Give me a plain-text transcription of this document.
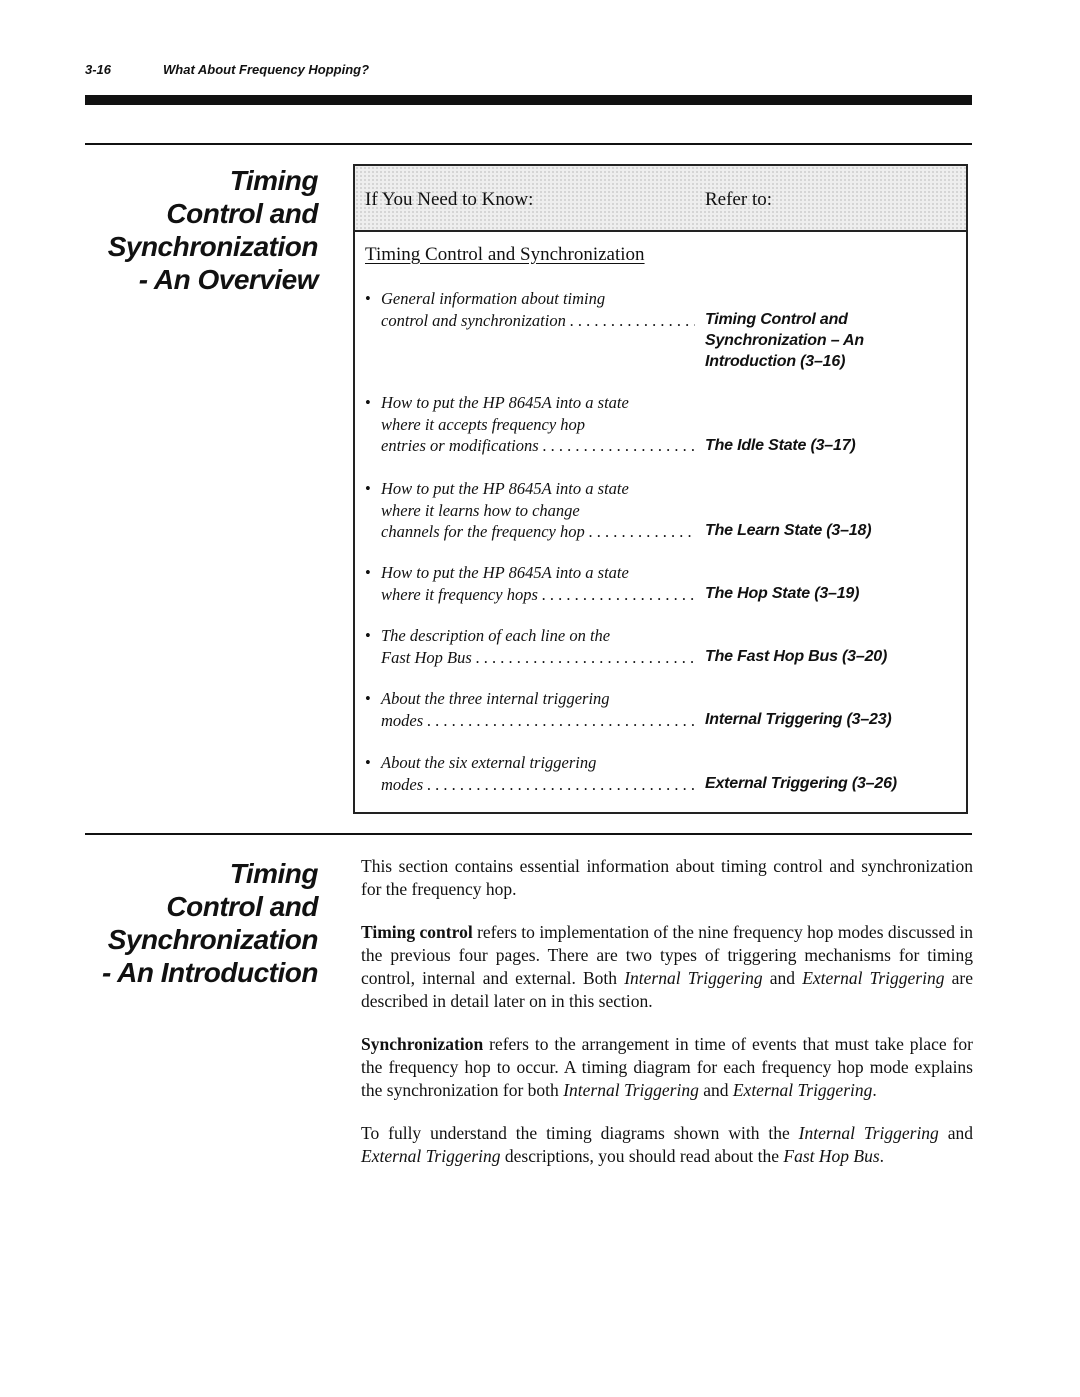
3-16	What About Frequency Hopping?
Timing
Control and
Synchronization
- An Overview
If You Need to Know:	Refer to:
Timing Control and Synchronization
• General information about timing
control and synchronization . . .	Timing Control and
Synchronization – An
Introduction (3–16)
• How to put the HP 8645A into a state
where it accepts frequency hop
entries or modifications . . .	The Idle State (3–17)
• How to put the HP 8645A into a state
where it learns how to change
channels for the frequency hop . . .	The Learn State (3–18)
• How to put the HP 8645A into a state
where it frequency hops . . .	The Hop State (3–19)
• The description of each line on the
Fast Hop Bus . . .	The Fast Hop Bus (3–20)
• About the three internal triggering
modes . . .	Internal Triggering (3–23)
• About the six external triggering
modes . . .	External Triggering (3–26)
Timing
Control and
Synchronization
- An Introduction

This section contains essential information about timing control and synchronization for the frequency hop.

Timing control refers to implementation of the nine frequency hop modes discussed in the previous four pages. There are two types of triggering mechanisms for timing control, internal and external. Both Internal Triggering and External Triggering are described in detail later on in this section.

Synchronization refers to the arrangement in time of events that must take place for the frequency hop to occur. A timing diagram for each frequency hop mode explains the synchronization for both Internal Triggering and External Triggering.

To fully understand the timing diagrams shown with the Internal Triggering and External Triggering descriptions, you should read about the Fast Hop Bus.
